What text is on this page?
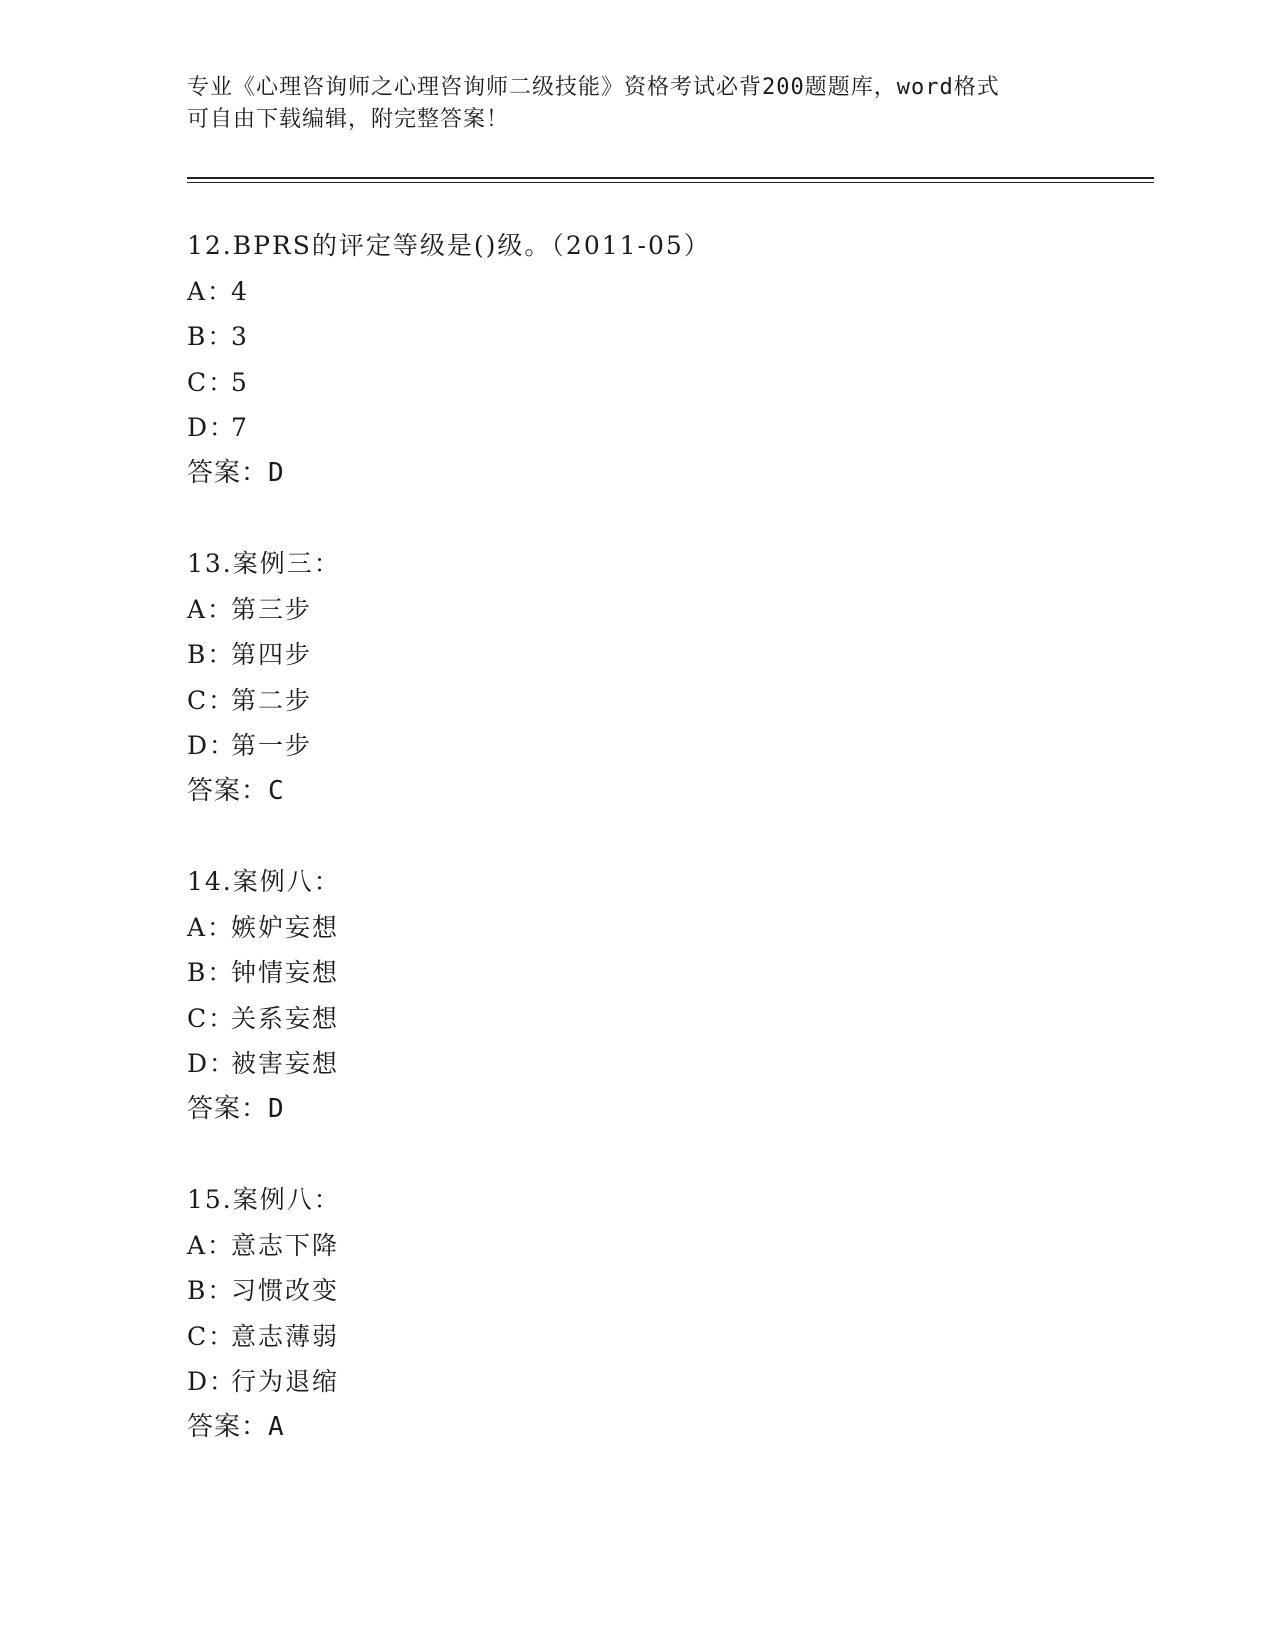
专业《心理咨询师之心理咨询师二级技能》资格考试必背200题题库，word格式
可自由下载编辑，附完整答案！
12.BPRS的评定等级是()级。（2011-05）
A：4
B：3
C：5
D：7
答案：D
13.案例三：
A：第三步
B：第四步
C：第二步
D：第一步
答案：C
14.案例八：
A：嫉妒妄想
B：钟情妄想
C：关系妄想
D：被害妄想
答案：D
15.案例八：
A：意志下降
B：习惯改变
C：意志薄弱
D：行为退缩
答案：A
